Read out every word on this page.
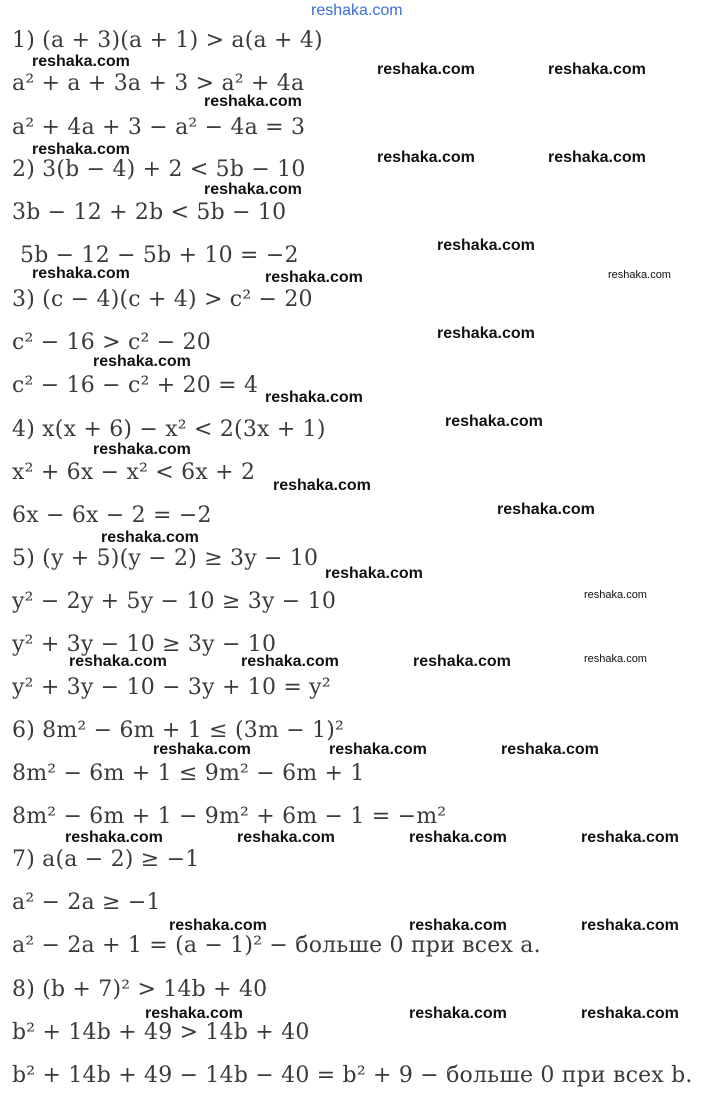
reshaka.com
1) (a + 3)(a + 1) > a(a + 4)
a² + a + 3a + 3 > a² + 4a
a² + 4a + 3 − a² − 4a = 3
2) 3(b − 4) + 2 < 5b − 10
3b − 12 + 2b < 5b − 10
5b − 12 − 5b + 10 = −2
3) (c − 4)(c + 4) > c² − 20
c² − 16 > c² − 20
c² − 16 − c² + 20 = 4
4) x(x + 6) − x² < 2(3x + 1)
x² + 6x − x² < 6x + 2
6x − 6x − 2 = −2
5) (y + 5)(y − 2) ≥ 3y − 10
y² − 2y + 5y − 10 ≥ 3y − 10
y² + 3y − 10 ≥ 3y − 10
y² + 3y − 10 − 3y + 10 = y²
6) 8m² − 6m + 1 ≤ (3m − 1)²
8m² − 6m + 1 ≤ 9m² − 6m + 1
8m² − 6m + 1 − 9m² + 6m − 1 = −m²
7) a(a − 2) ≥ −1
a² − 2a ≥ −1
a² − 2a + 1 = (a − 1)² − больше 0 при всех a.
8) (b + 7)² > 14b + 40
b² + 14b + 49 > 14b + 40
b² + 14b + 49 − 14b − 40 = b² + 9 − больше 0 при всех b.
reshaka.com	reshaka.com	reshaka.com
reshaka.com
reshaka.com	reshaka.com	reshaka.com
reshaka.com
reshaka.com
reshaka.com	reshaka.com	reshaka.com
reshaka.com
reshaka.com
reshaka.com
reshaka.com
reshaka.com
reshaka.com
reshaka.com
reshaka.com
reshaka.com
reshaka.com
reshaka.com	reshaka.com	reshaka.com	reshaka.com
reshaka.com	reshaka.com	reshaka.com
reshaka.com	reshaka.com	reshaka.com	reshaka.com
reshaka.com	reshaka.com	reshaka.com
reshaka.com	reshaka.com	reshaka.com
